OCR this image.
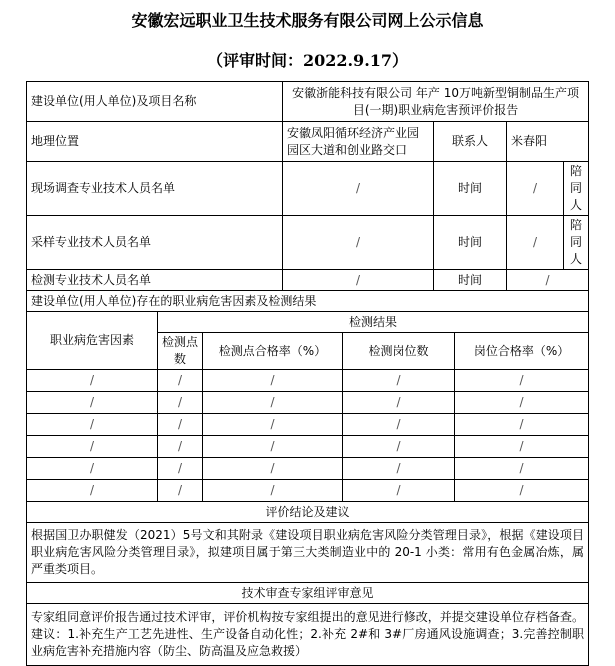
安徽宏远职业卫生技术服务有限公司网上公示信息
（评审时间：2022.9.17）
建设单位(用人单位)及项目名称			安徽浙能科技有限公司 年产 10万吨新型铜制品生产项目(一期)职业病危害预评价报告						
地理位置			安徽凤阳循环经济产业园园区大道和创业路交口		联系人		米春阳		
现场调查专业技术人员名单			/		时间		/	陪同人	
采样专业技术人员名单			/		时间		/	陪同人	
检测专业技术人员名单			/		时间		/		
建设单位(用人单位)存在的职业病危害因素及检测结果									
职业病危害因素	检测结果								
	检测点数	检测点合格率（%）		检测岗位数		岗位合格率（%）			
/	/	/		/		/			
/	/	/		/		/			
/	/	/		/		/			
/	/	/		/		/			
/	/	/		/		/			
/	/	/		/		/			
评价结论及建议									
根据国卫办职健发（2021）5号文和其附录《建设项目职业病危害风险分类管理目录》，根据《建设项目职业病危害风险分类管理目录》，拟建项目属于第三大类制造业中的 20-1 小类：常用有色金属冶炼，属严重类项目。									
技术审查专家组评审意见									
专家组同意评价报告通过技术评审，评价机构按专家组提出的意见进行修改，并提交建设单位存档备查。建议：1.补充生产工艺先进性、生产设备自动化性；2.补充 2#和 3#厂房通风设施调查；3.完善控制职业病危害补充措施内容（防尘、防高温及应急救援）									
